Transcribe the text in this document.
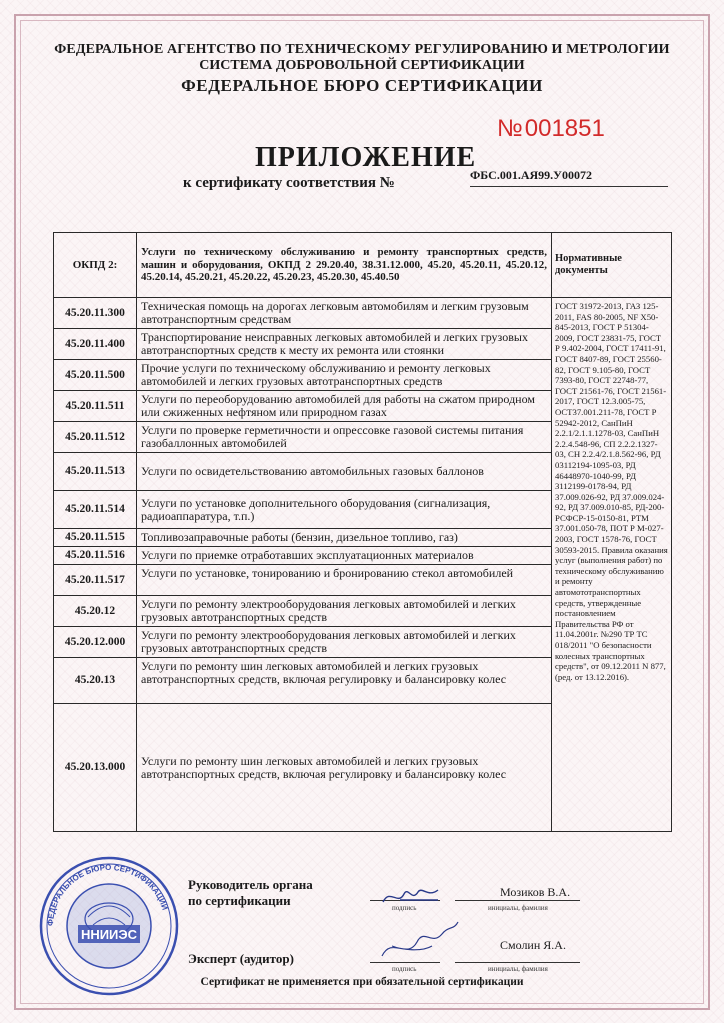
ФЕДЕРАЛЬНОЕ АГЕНТСТВО ПО ТЕХНИЧЕСКОМУ РЕГУЛИРОВАНИЮ И МЕТРОЛОГИИ
СИСТЕМА ДОБРОВОЛЬНОЙ СЕРТИФИКАЦИИ
ФЕДЕРАЛЬНОЕ БЮРО СЕРТИФИКАЦИИ
№001851
ПРИЛОЖЕНИЕ
к сертификату соответствия №	ФБС.001.АЯ99.У00072
ОКПД 2:	Услуги по техническому обслуживанию и ремонту транспортных средств, машин и оборудования, ОКПД 2 29.20.40, 38.31.12.000, 45.20, 45.20.11, 45.20.12, 45.20.14, 45.20.21, 45.20.22, 45.20.23, 45.20.30, 45.40.50	Нормативные документы
45.20.11.300	Техническая помощь на дорогах легковым автомобилям и легким грузовым автотранспортным средствам	ГОСТ 31972-2013, ГАЗ 125-2011, FAS 80-2005, NF X50-845-2013, ГОСТ Р 51304-2009, ГОСТ 23831-75, ГОСТ Р 9.402-2004, ГОСТ 17411-91, ГОСТ 8407-89, ГОСТ 25560-82, ГОСТ 9.105-80, ГОСТ 7393-80, ГОСТ 22748-77, ГОСТ 21561-76, ГОСТ 21561-2017, ГОСТ 12.3.005-75, ОСТ37.001.211-78, ГОСТ Р 52942-2012, СанПиН 2.2.1/2.1.1.1278-03, СанПиН 2.2.4.548-96, СП 2.2.2.1327-03, СН 2.2.4/2.1.8.562-96, РД 03112194-1095-03, РД 46448970-1040-99, РД 3112199-0178-94, РД 37.009.026-92, РД 37.009.024-92, РД 37.009.010-85, РД-200-РСФСР-15-0150-81, РТМ 37.001.050-78, ПОТ Р М-027-2003, ГОСТ 1578-76, ГОСТ 30593-2015. Правила оказания услуг (выполнения работ) по техническому обслуживанию и ремонту автомототранспортных средств, утвержденные постановлением Правительства РФ от 11.04.2001г. №290 ТР ТС 018/2011 "О безопасности колесных транспортных средств", от 09.12.2011 N 877, (ред. от 13.12.2016).
45.20.11.400	Транспортирование неисправных легковых автомобилей и легких грузовых автотранспортных средств к месту их ремонта или стоянки	
45.20.11.500	Прочие услуги по техническому обслуживанию и ремонту легковых автомобилей и легких грузовых автотранспортных средств	
45.20.11.511	Услуги по переоборудованию автомобилей для работы на сжатом природном или сжиженных нефтяном или природном газах	
45.20.11.512	Услуги по проверке герметичности и опрессовке газовой системы питания газобаллонных автомобилей	
45.20.11.513	Услуги по освидетельствованию автомобильных газовых баллонов	
45.20.11.514	Услуги по установке дополнительного оборудования (сигнализация, радиоаппаратура, т.п.)	
45.20.11.515	Топливозаправочные работы (бензин, дизельное топливо, газ)	
45.20.11.516	Услуги по приемке отработавших эксплуатационных материалов	
45.20.11.517	Услуги по установке, тонированию и бронированию стекол автомобилей	
45.20.12	Услуги по ремонту электрооборудования легковых автомобилей и легких грузовых автотранспортных средств	
45.20.12.000	Услуги по ремонту электрооборудования легковых автомобилей и легких грузовых автотранспортных средств	
45.20.13	Услуги по ремонту шин легковых автомобилей и легких грузовых автотранспортных средств, включая регулировку и балансировку колес	
45.20.13.000	Услуги по ремонту шин легковых автомобилей и легких грузовых автотранспортных средств, включая регулировку и балансировку колес	
ФЕДЕРАЛЬНОЕ БЮРО СЕРТИФИКАЦИИ
ННИИЭС
Руководитель органа по сертификации	подпись
Мозиков В.А.
инициалы, фамилия
Эксперт (аудитор)
подпись
Смолин Я.А.
инициалы, фамилия
Сертификат не применяется при обязательной сертификации
